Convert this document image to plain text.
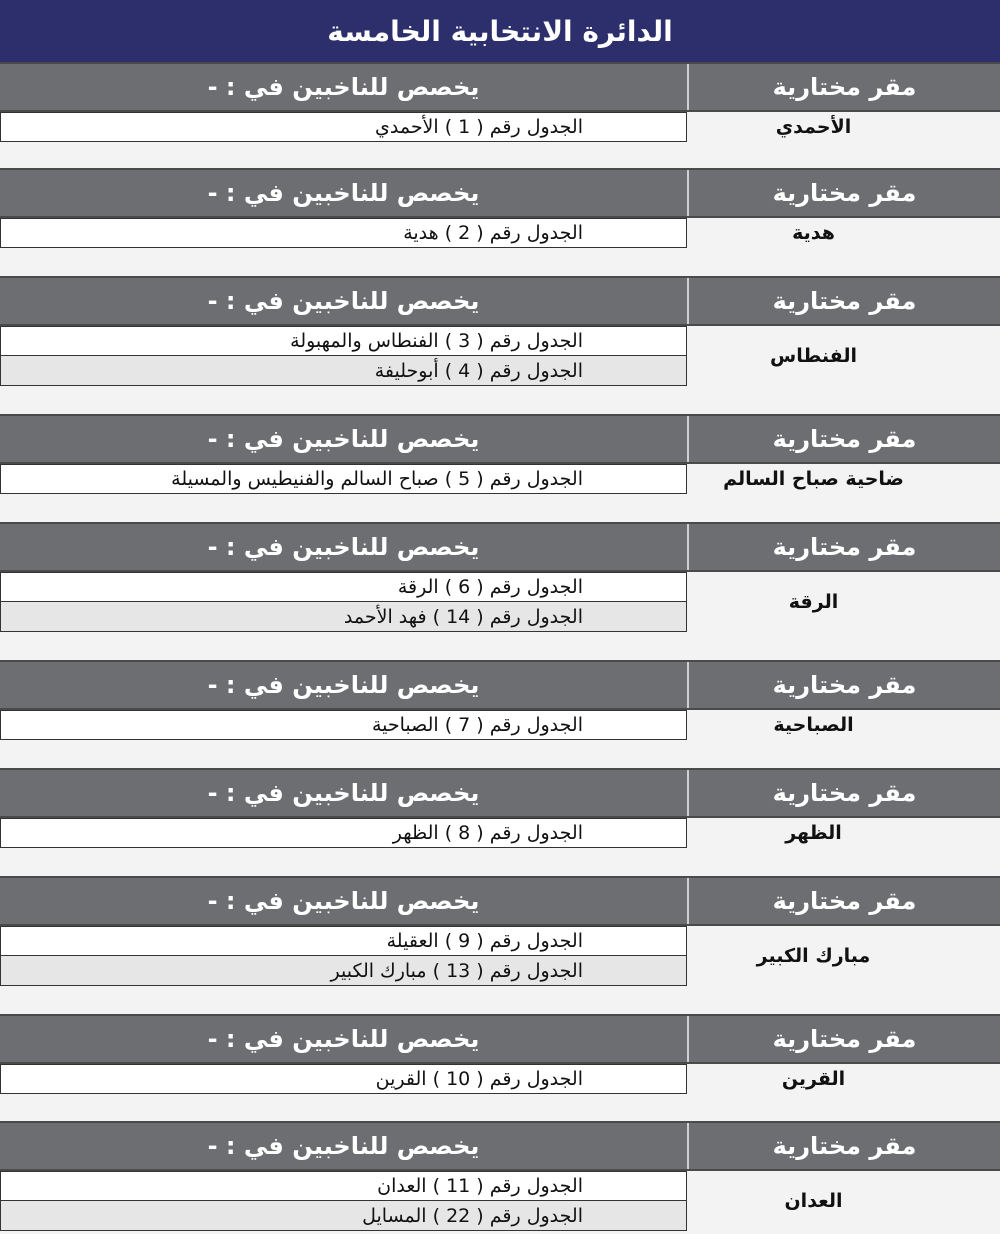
الدائرة الانتخابية الخامسة
مقر مختارية
يخصص للناخبين في : -
الأحمدي
الجدول رقم ( 1 ) الأحمدي
مقر مختارية
يخصص للناخبين في : -
هدية
الجدول رقم ( 2 ) هدية
مقر مختارية
يخصص للناخبين في : -
الفنطاس
الجدول رقم ( 3 ) الفنطاس والمهبولة
الجدول رقم ( 4 ) أبوحليفة
مقر مختارية
يخصص للناخبين في : -
ضاحية صباح السالم
الجدول رقم ( 5 ) صباح السالم والفنيطيس والمسيلة
مقر مختارية
يخصص للناخبين في : -
الرقة
الجدول رقم ( 6 ) الرقة
الجدول رقم ( 14 ) فهد الأحمد
مقر مختارية
يخصص للناخبين في : -
الصباحية
الجدول رقم ( 7 ) الصباحية
مقر مختارية
يخصص للناخبين في : -
الظهر
الجدول رقم ( 8 ) الظهر
مقر مختارية
يخصص للناخبين في : -
مبارك الكبير
الجدول رقم ( 9 ) العقيلة
الجدول رقم ( 13 ) مبارك الكبير
مقر مختارية
يخصص للناخبين في : -
القرين
الجدول رقم ( 10 ) القرين
مقر مختارية
يخصص للناخبين في : -
العدان
الجدول رقم ( 11 ) العدان
الجدول رقم ( 22 ) المسايل
